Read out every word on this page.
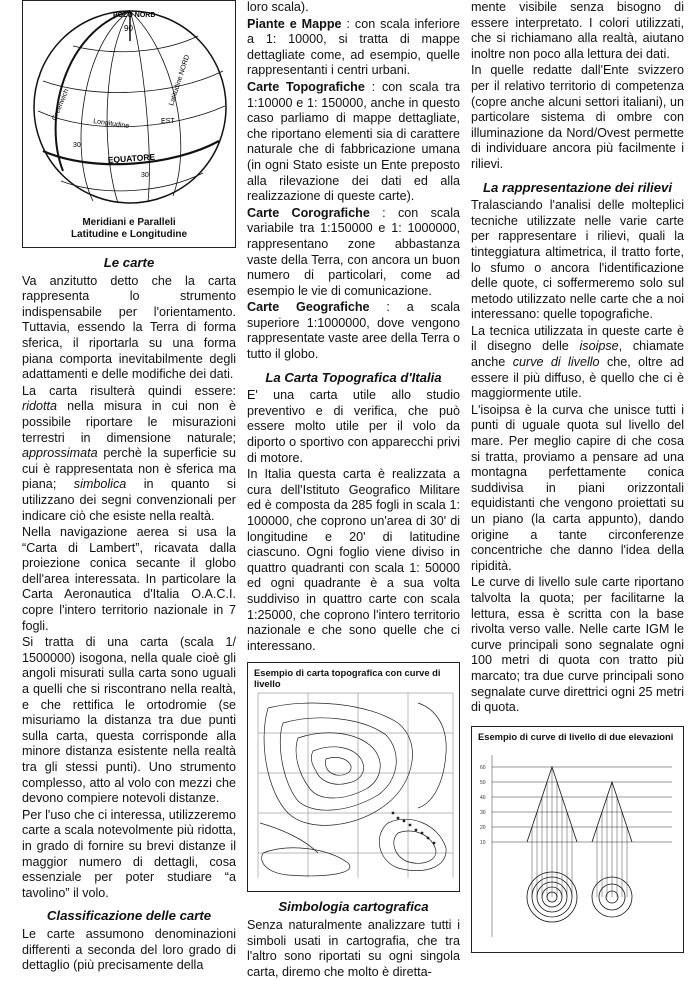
POLO NORD
90
Latitudine NORD
Greenwich
Longitudine	EST
EQUATORE
30
30
Meridiani e Paralleli
Latitudine e Longitudine
Le carte

Va anzitutto detto che la carta rappresenta lo strumento indispensabile per l'orientamento. Tuttavia, essendo la Terra di forma sferica, il riportarla su una forma piana comporta inevitabilmente degli adattamenti e delle modifiche dei dati.

La carta risulterà quindi essere: ridotta nella misura in cui non è possibile riportare le misurazioni terrestri in dimensione naturale; approssimata perchè la superficie su cui è rappresentata non è sferica ma piana; simbolica in quanto si utilizzano dei segni convenzionali per indicare ciò che esiste nella realtà.

Nella navigazione aerea si usa la “Carta di Lambert”, ricavata dalla proiezione conica secante il globo dell'area interessata. In particolare la Carta Aeronautica d'Italia O.A.C.I. copre l'intero territorio nazionale in 7 fogli.

Si tratta di una carta (scala 1/ 1500000) isogona, nella quale cioè gli angoli misurati sulla carta sono uguali a quelli che si riscontrano nella realtà, e che rettifica le ortodromie (se misuriamo la distanza tra due punti sulla carta, questa corrisponde alla minore distanza esistente nella realtà tra gli stessi punti). Uno strumento complesso, atto al volo con mezzi che devono compiere notevoli distanze.

Per l'uso che ci interessa, utilizzeremo carte a scala notevolmente più ridotta, in grado di fornire su brevi distanze il maggior numero di dettagli, cosa essenziale per poter studiare “a tavolino” il volo.

Classificazione delle carte

Le carte assumono denominazioni differenti a seconda del loro grado di dettaglio (più precisamente della

loro scala).

Piante e Mappe : con scala inferiore a 1: 10000, si tratta di mappe dettagliate come, ad esempio, quelle rappresentanti i centri urbani.

Carte Topografiche : con scala tra 1:10000 e 1: 150000, anche in questo caso parliamo di mappe dettagliate, che riportano elementi sia di carattere naturale che di fabbricazione umana (in ogni Stato esiste un Ente preposto alla rilevazione dei dati ed alla realizzazione di queste carte).

Carte Corografiche : con scala variabile tra 1:150000 e 1: 1000000, rappresentano zone abbastanza vaste della Terra, con ancora un buon numero di particolari, come ad esempio le vie di comunicazione.

Carte Geografiche : a scala superiore 1:1000000, dove vengono rappresentate vaste aree della Terra o tutto il globo.

La Carta Topografica d'Italia

E' una carta utile allo studio preventivo e di verifica, che può essere molto utile per il volo da diporto o sportivo con apparecchi privi di motore.

In Italia questa carta è realizzata a cura dell'Istituto Geografico Militare ed è composta da 285 fogli in scala 1: 100000, che coprono un'area di 30' di longitudine e 20' di latitudine ciascuno. Ogni foglio viene diviso in quattro quadranti con scala 1: 50000 ed ogni quadrante è a sua volta suddiviso in quattro carte con scala 1:25000, che coprono l'intero territorio nazionale e che sono quelle che ci interessano.

Esempio di carta topografica con curve di livello
Simbologia cartografica

Senza naturalmente analizzare tutti i simboli usati in cartografia, che tra l'altro sono riportati su ogni singola carta, diremo che molto è diretta-

mente visibile senza bisogno di essere interpretato. I colori utilizzati, che si richiamano alla realtà, aiutano inoltre non poco alla lettura dei dati.

In quelle redatte dall'Ente svizzero per il relativo territorio di competenza (copre anche alcuni settori italiani), un particolare sistema di ombre con illuminazione da Nord/Ovest permette di individuare ancora più facilmente i rilievi.

La rappresentazione dei rilievi

Tralasciando l'analisi delle molteplici tecniche utilizzate nelle varie carte per rappresentare i rilievi, quali la tinteggiatura altimetrica, il tratto forte, lo sfumo o ancora l'identificazione delle quote, ci soffermeremo solo sul metodo utilizzato nelle carte che a noi interessano: quelle topografiche.

La tecnica utilizzata in queste carte è il disegno delle isoipse, chiamate anche curve di livello che, oltre ad essere il più diffuso, è quello che ci è maggiormente utile.

L'isoipsa è la curva che unisce tutti i punti di uguale quota sul livello del mare. Per meglio capire di che cosa si tratta, proviamo a pensare ad una montagna perfettamente conica suddivisa in piani orizzontali equidistanti che vengono proiettati su un piano (la carta appunto), dando origine a tante circonferenze concentriche che danno l'idea della ripidità.

Le curve di livello sule carte riportano talvolta la quota; per facilitarne la lettura, essa è scritta con la base rivolta verso valle. Nelle carte IGM le curve principali sono segnalate ogni 100 metri di quota con tratto più marcato; tra due curve principali sono segnalate curve direttrici ogni 25 metri di quota.

60
50
40
30
20
10
Esempio di curve di livello di due elevazioni
